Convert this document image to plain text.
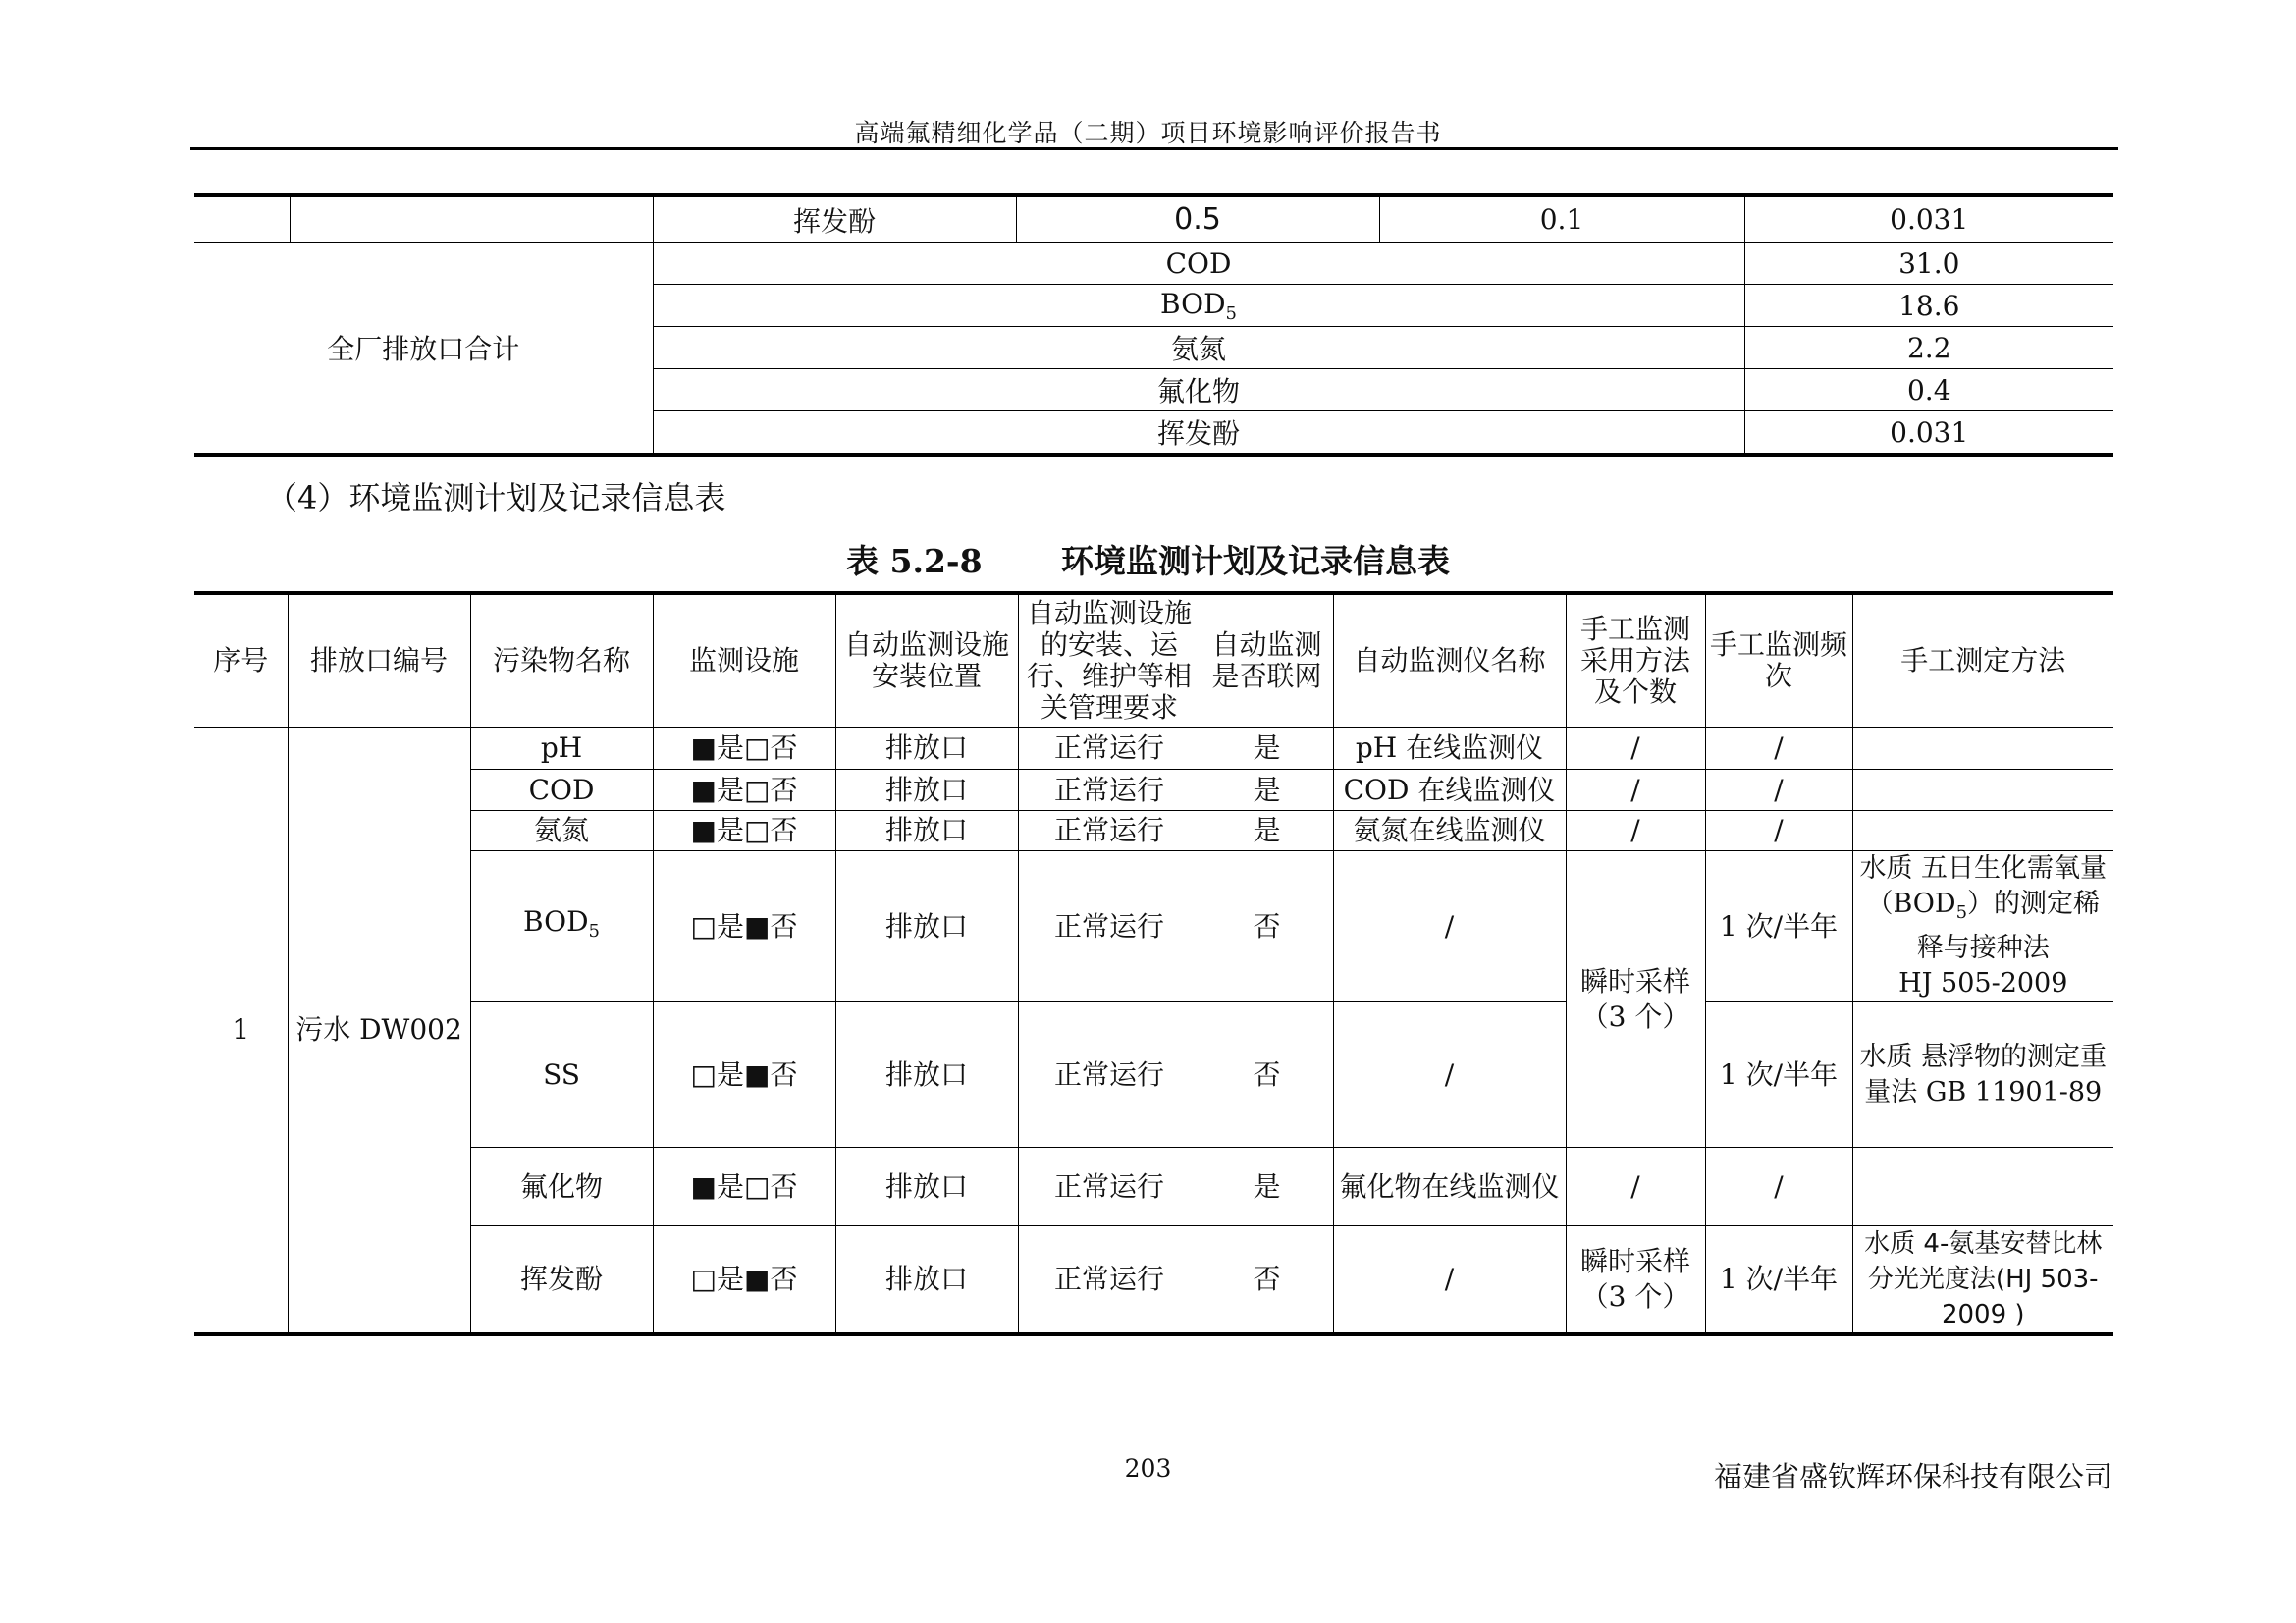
高端氟精细化学品（二期）项目环境影响评价报告书
		挥发酚	0.5	0.1	0.031
全厂排放口合计		COD			31.0
		$BOD_5$			18.6
		氨氮			2.2
		氟化物			0.4
		挥发酚			0.031
（4）环境监测计划及记录信息表
表 5.2-8       环境监测计划及记录信息表
序号	排放口编号	污染物名称	监测设施	自动监测设施安装位置	自动监测设施的安装、运行、维护等相关管理要求	自动监测是否联网	自动监测仪名称	手工监测采用方法及个数	手工监测频次	手工测定方法
1	污水 DW002	pH	■是□否	排放口	正常运行	是	pH 在线监测仪	/	/	
		COD	■是□否	排放口	正常运行	是	COD 在线监测仪	/	/	
		氨氮	■是□否	排放口	正常运行	是	氨氮在线监测仪	/	/	
		$BOD_5$	□是■否	排放口	正常运行	否	/	瞬时采样（3 个）	1 次/半年	水质 五日生化需氧量$(BOD_5)$的测定稀释与接种法
HJ 505-2009
		SS	□是■否	排放口	正常运行	否	/		1 次/半年	水质 悬浮物的测定重量法 GB 11901-89
		氟化物	■是□否	排放口	正常运行	是	氟化物在线监测仪	/	/	
		挥发酚	□是■否	排放口	正常运行	否	/	瞬时采样（3 个）	1 次/半年	水质 4-氨基安替比林分光光度法(HJ 503-2009 )
203	福建省盛钦辉环保科技有限公司
